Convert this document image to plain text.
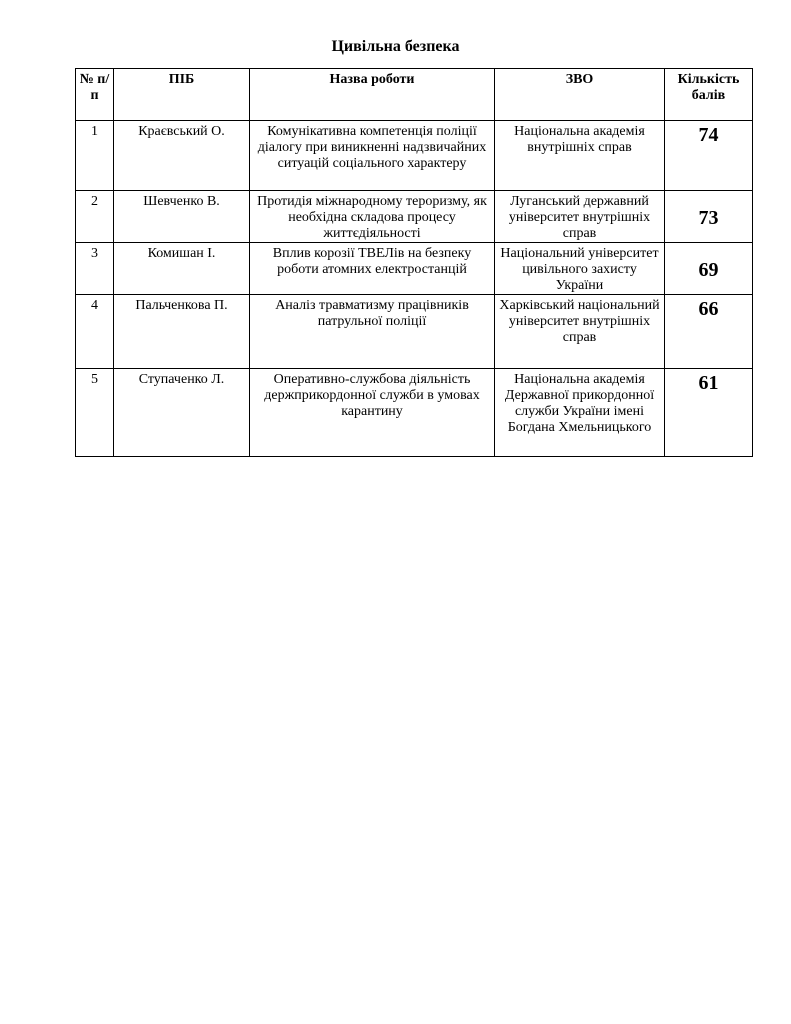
Цивільна безпека
№ п/п	ПІБ	Назва роботи	ЗВО	Кількість балів
1	Краєвський О.	Комунікативна компетенція поліції діалогу при виникненні надзвичайних ситуацій соціального характеру	Національна академія внутрішніх справ	74
2	Шевченко В.	Протидія міжнародному тероризму, як необхідна складова процесу життєдіяльності	Луганський державний університет внутрішніх справ	73
3	Комишан І.	Вплив корозії ТВЕЛів на безпеку роботи атомних електростанцій	Національний університет цивільного захисту України	69
4	Пальченкова П.	Аналіз травматизму працівників патрульної поліції	Харківський національний університет внутрішніх справ	66
5	Ступаченко Л.	Оперативно-службова діяльність держприкордонної служби в умовах карантину	Національна академія Державної прикордонної служби України імені Богдана Хмельницького	61
